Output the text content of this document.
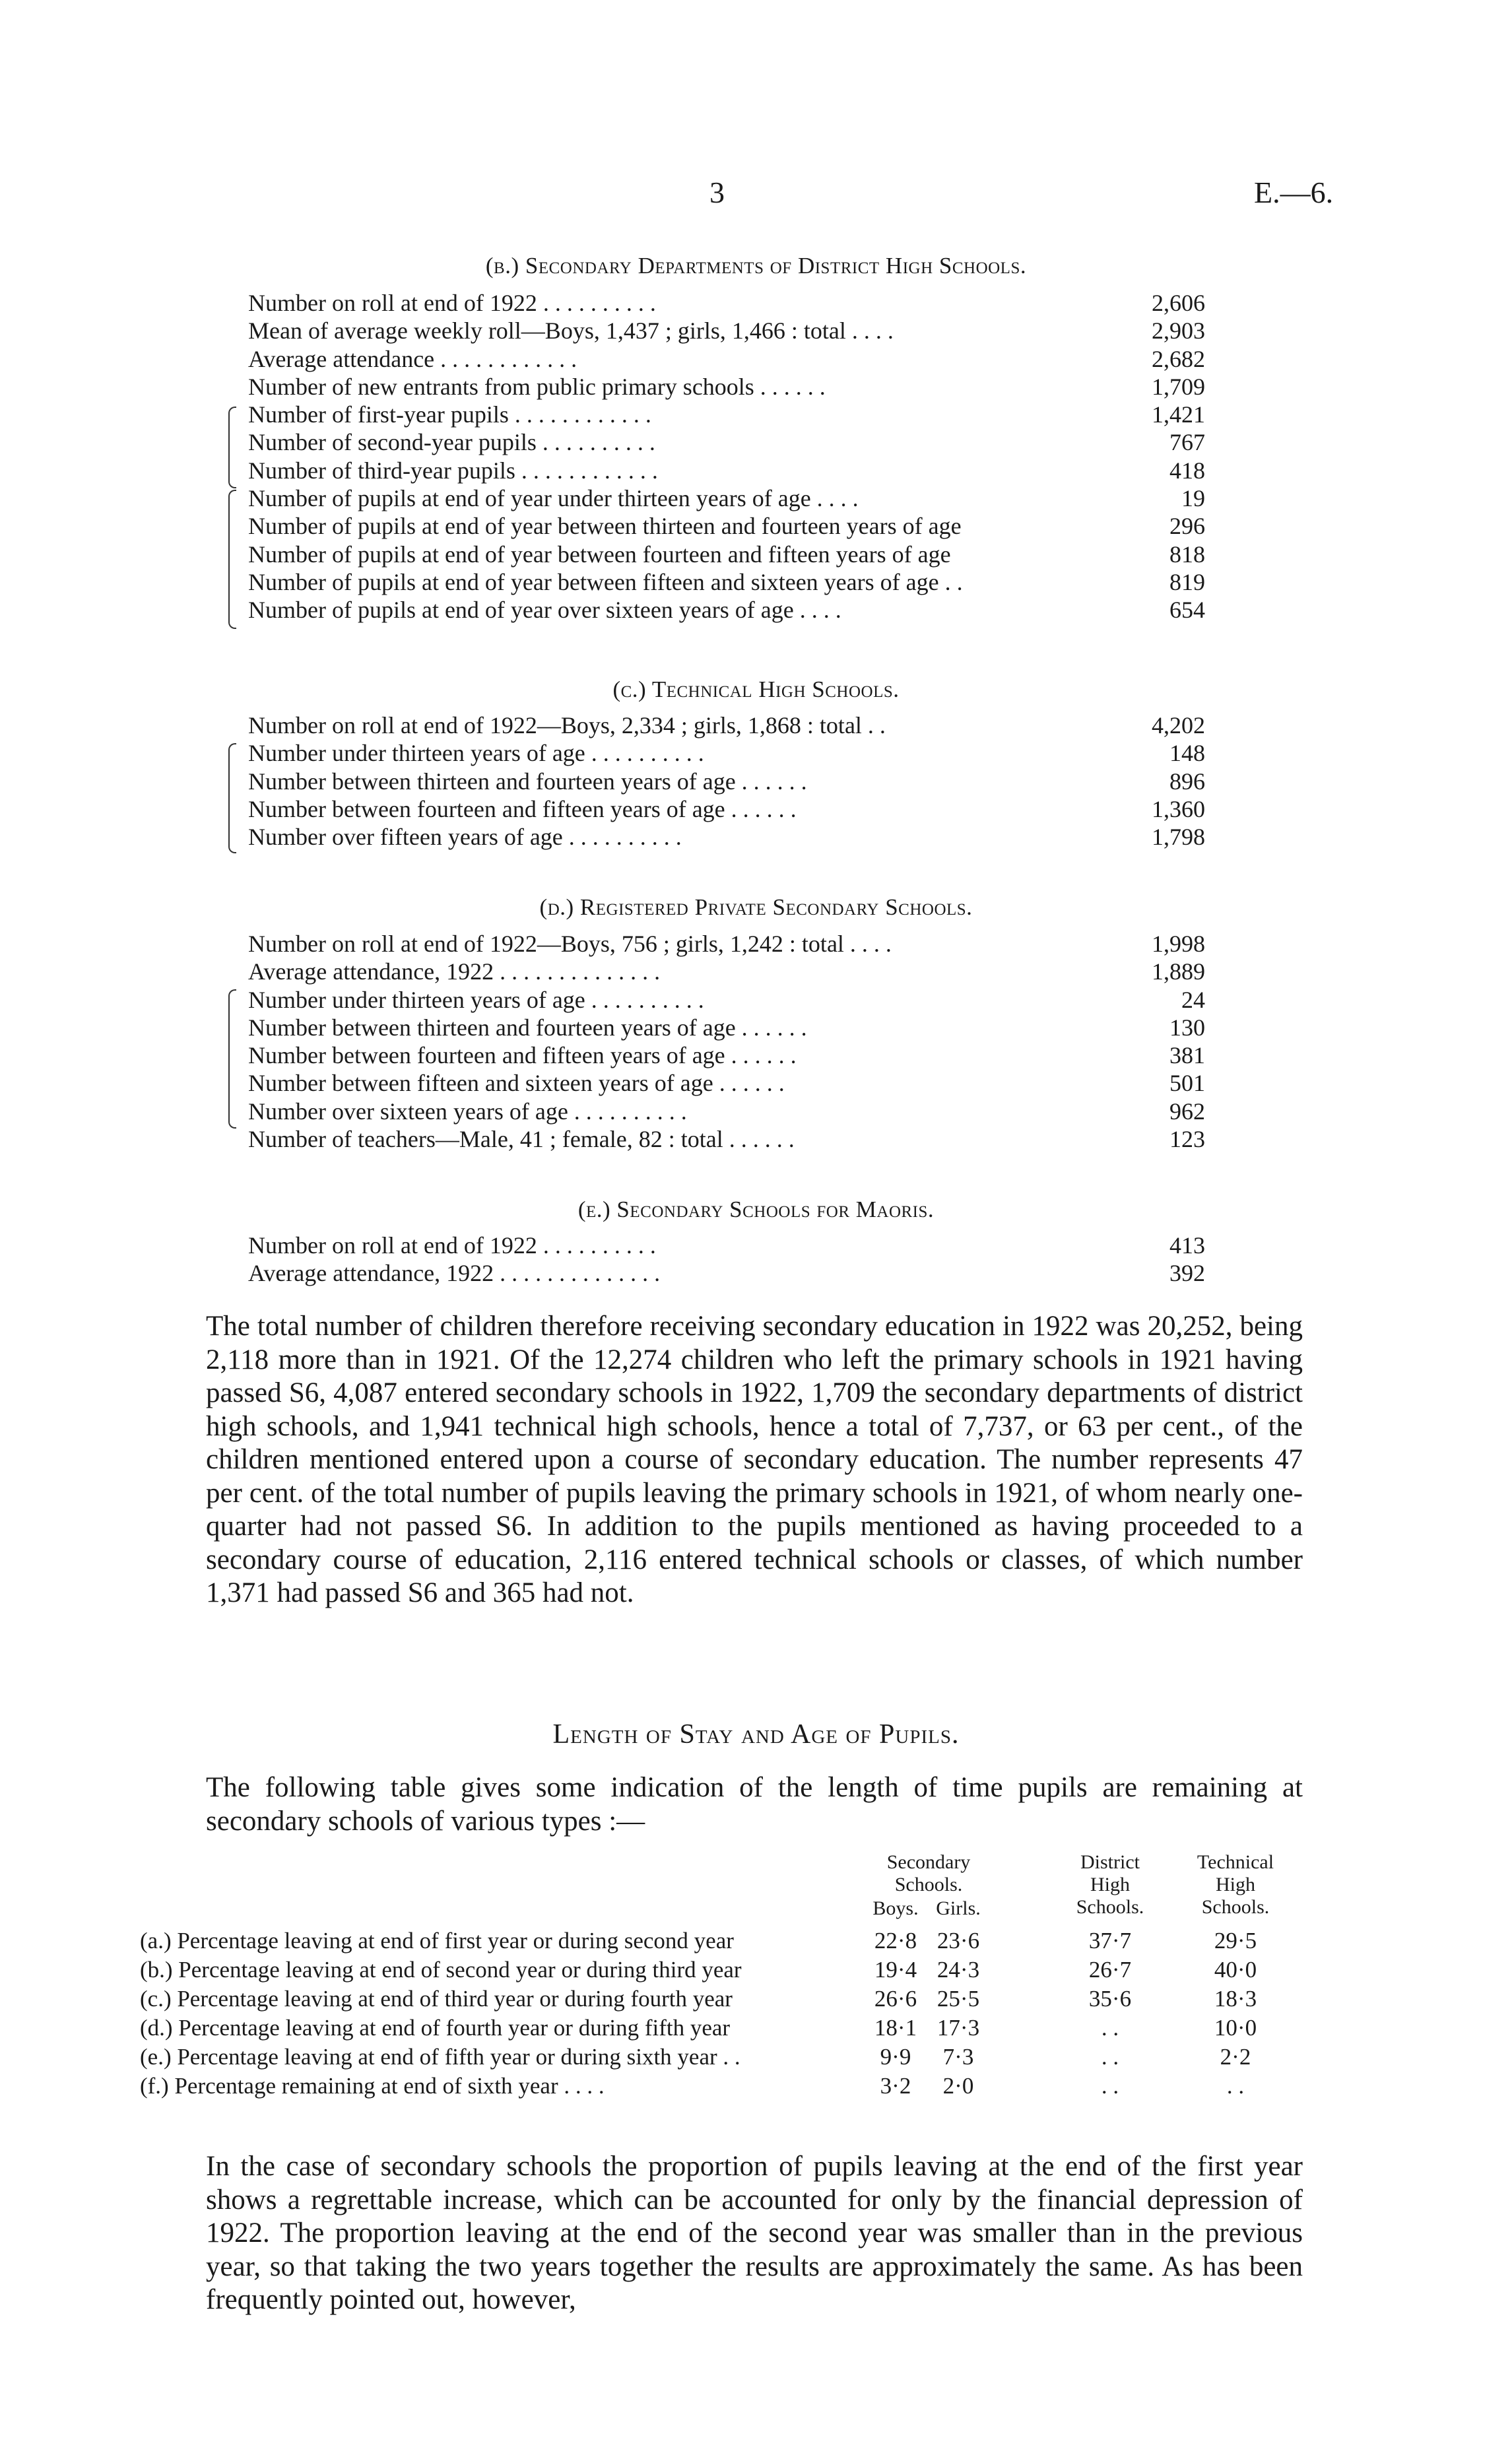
3	E.—6.
(b.) Secondary Departments of District High Schools.
Number on roll at end of 1922 . . . . . . . . . .	2,606
Mean of average weekly roll—Boys, 1,437 ; girls, 1,466 : total . . . .	2,903
Average attendance . . . . . . . . . . . .	2,682
Number of new entrants from public primary schools . . . . . .	1,709
Number of first-year pupils . . . . . . . . . . . .	1,421
Number of second-year pupils . . . . . . . . . .	767
Number of third-year pupils . . . . . . . . . . . .	418
Number of pupils at end of year under thirteen years of age . . . .	19
Number of pupils at end of year between thirteen and fourteen years of age	296
Number of pupils at end of year between fourteen and fifteen years of age	818
Number of pupils at end of year between fifteen and sixteen years of age . .	819
Number of pupils at end of year over sixteen years of age . . . .	654
(c.) Technical High Schools.
Number on roll at end of 1922—Boys, 2,334 ; girls, 1,868 : total . .	4,202
Number under thirteen years of age . . . . . . . . . .	148
Number between thirteen and fourteen years of age . . . . . .	896
Number between fourteen and fifteen years of age . . . . . .	1,360
Number over fifteen years of age . . . . . . . . . .	1,798
(d.) Registered Private Secondary Schools.
Number on roll at end of 1922—Boys, 756 ; girls, 1,242 : total . . . .	1,998
Average attendance, 1922 . . . . . . . . . . . . . .	1,889
Number under thirteen years of age . . . . . . . . . .	24
Number between thirteen and fourteen years of age . . . . . .	130
Number between fourteen and fifteen years of age . . . . . .	381
Number between fifteen and sixteen years of age . . . . . .	501
Number over sixteen years of age . . . . . . . . . .	962
Number of teachers—Male, 41 ; female, 82 : total . . . . . .	123
(e.) Secondary Schools for Maoris.
Number on roll at end of 1922 . . . . . . . . . .	413
Average attendance, 1922 . . . . . . . . . . . . . .	392

The total number of children therefore receiving secondary education in 1922 was 20,252, being 2,118 more than in 1921. Of the 12,274 children who left the primary schools in 1921 having passed S6, 4,087 entered secondary schools in 1922, 1,709 the secondary departments of district high schools, and 1,941 technical high schools, hence a total of 7,737, or 63 per cent., of the children mentioned entered upon a course of secondary education. The number represents 47 per cent. of the total number of pupils leaving the primary schools in 1921, of whom nearly one-quarter had not passed S6. In addition to the pupils mentioned as having proceeded to a secondary course of education, 2,116 entered technical schools or classes, of which number 1,371 had passed S6 and 365 had not.

Length of Stay and Age of Pupils.

The following table gives some indication of the length of time pupils are remaining at secondary schools of various types :—

Secondary Schools.
District High Schools.
Technical High Schools.
Boys. Girls.
(a.) Percentage leaving at end of first year or during second year	22·8 23·6	37·7	29·5
(b.) Percentage leaving at end of second year or during third year	19·4 24·3	26·7	40·0
(c.) Percentage leaving at end of third year or during fourth year	26·6 25·5	35·6	18·3
(d.) Percentage leaving at end of fourth year or during fifth year	18·1 17·3	. .	10·0
(e.) Percentage leaving at end of fifth year or during sixth year . .	9·9	7·3	. .	2·2
(f.) Percentage remaining at end of sixth year . . . .	3·2	2·0	. .	. .

In the case of secondary schools the proportion of pupils leaving at the end of the first year shows a regrettable increase, which can be accounted for only by the financial depression of 1922. The proportion leaving at the end of the second year was smaller than in the previous year, so that taking the two years together the results are approximately the same. As has been frequently pointed out, however,
